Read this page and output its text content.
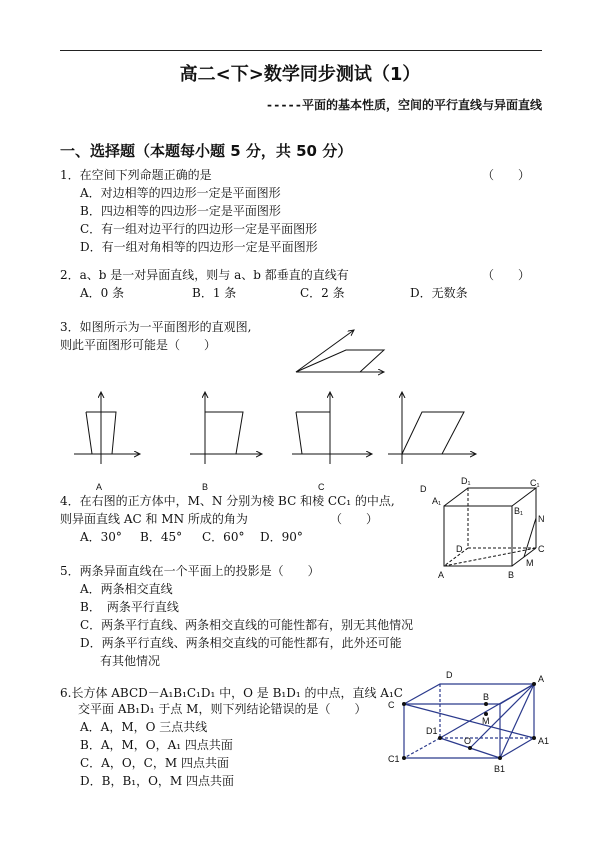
高二<下>数学同步测试（1）
-----平面的基本性质，空间的平行直线与异面直线
一、选择题（本题每小题 5 分，共 50 分）
1．在空间下列命题正确的是	（　　）
A．对边相等的四边形一定是平面图形
B．四边相等的四边形一定是平面图形
C．有一组对边平行的四边形一定是平面图形
D．有一组对角相等的四边形一定是平面图形
2．a、b 是一对异面直线，则与 a、b 都垂直的直线有	（　　）
A．0 条	B．1 条	C．2 条	D．无数条
3．如图所示为一平面图形的直观图,
则此平面图形可能是（　　）
4．在右图的正方体中，M、N 分别为棱 BC 和棱 CC₁ 的中点,
则异面直线 AC 和 MN 所成的角为	（　　）
A．30° B．45° C．60° D．90°
5．两条异面直线在一个平面上的投影是（　　）
A．两条相交直线
B．　两条平行直线
C．两条平行直线、两条相交直线的可能性都有，别无其他情况
D．两条平行直线、两条相交直线的可能性都有，此外还可能
有其他情况
6.长方体 ABCD－A₁B₁C₁D₁ 中，O 是 B₁D₁ 的中点，直线 A₁C
交平面 AB₁D₁ 于点 M，则下列结论错误的是（　　）
A．A，M，O 三点共线
B．A，M，O，A₁ 四点共面
C．A，O，C，M 四点共面
D．B，B₁，O，M 四点共面
A	B	C	D
D₁	C₁
A₁
B₁
N
D	C
M
A	B
D	A
B
C
M
D1
O
C1
A1
B1
